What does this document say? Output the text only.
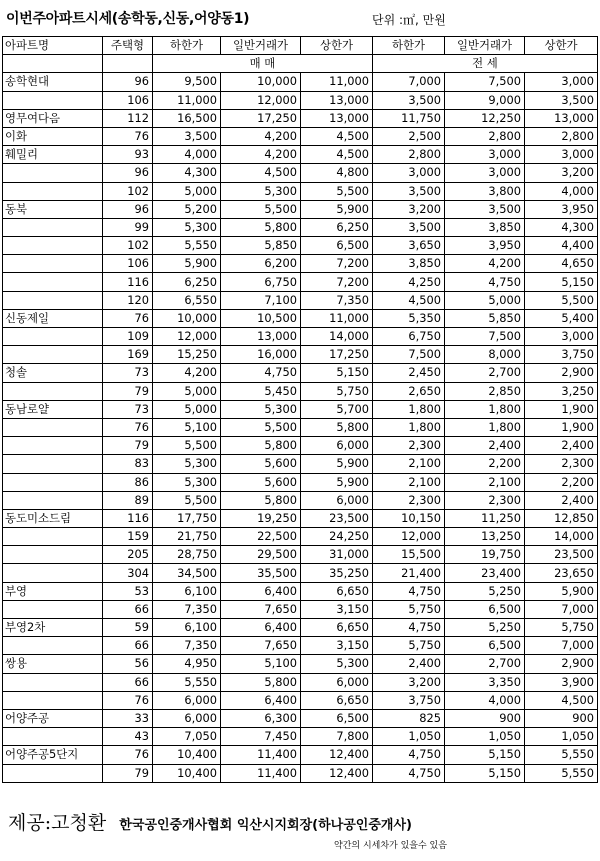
이번주아파트시세(송학동,신동,어양동1)	단위 :㎡, 만원
아파트명	주택형	하한가	일반거래가	상한가	하한가	일반거래가	상한가
		매 매			전 세		
송학현대	96	9,500	10,000	11,000	7,000	7,500	3,000
	106	11,000	12,000	13,000	3,500	9,000	3,500
영무여다음	112	16,500	17,250	13,000	11,750	12,250	13,000
이화	76	3,500	4,200	4,500	2,500	2,800	2,800
훼밀리	93	4,000	4,200	4,500	2,800	3,000	3,000
	96	4,300	4,500	4,800	3,000	3,000	3,200
	102	5,000	5,300	5,500	3,500	3,800	4,000
동북	96	5,200	5,500	5,900	3,200	3,500	3,950
	99	5,300	5,800	6,250	3,500	3,850	4,300
	102	5,550	5,850	6,500	3,650	3,950	4,400
	106	5,900	6,200	7,200	3,850	4,200	4,650
	116	6,250	6,750	7,200	4,250	4,750	5,150
	120	6,550	7,100	7,350	4,500	5,000	5,500
신동제일	76	10,000	10,500	11,000	5,350	5,850	5,400
	109	12,000	13,000	14,000	6,750	7,500	3,000
	169	15,250	16,000	17,250	7,500	8,000	3,750
청솔	73	4,200	4,750	5,150	2,450	2,700	2,900
	79	5,000	5,450	5,750	2,650	2,850	3,250
동남로얄	73	5,000	5,300	5,700	1,800	1,800	1,900
	76	5,100	5,500	5,800	1,800	1,800	1,900
	79	5,500	5,800	6,000	2,300	2,400	2,400
	83	5,300	5,600	5,900	2,100	2,200	2,300
	86	5,300	5,600	5,900	2,100	2,100	2,200
	89	5,500	5,800	6,000	2,300	2,300	2,400
동도미소드림	116	17,750	19,250	23,500	10,150	11,250	12,850
	159	21,750	22,500	24,250	12,000	13,250	14,000
	205	28,750	29,500	31,000	15,500	19,750	23,500
	304	34,500	35,500	35,250	21,400	23,400	23,650
부영	53	6,100	6,400	6,650	4,750	5,250	5,900
	66	7,350	7,650	3,150	5,750	6,500	7,000
부영2차	59	6,100	6,400	6,650	4,750	5,250	5,750
	66	7,350	7,650	3,150	5,750	6,500	7,000
쌍용	56	4,950	5,100	5,300	2,400	2,700	2,900
	66	5,550	5,800	6,000	3,200	3,350	3,900
	76	6,000	6,400	6,650	3,750	4,000	4,500
어양주공	33	6,000	6,300	6,500	825	900	900
	43	7,050	7,450	7,800	1,050	1,050	1,050
어양주공5단지	76	10,400	11,400	12,400	4,750	5,150	5,550
	79	10,400	11,400	12,400	4,750	5,150	5,550
제공:고청환 한국공인중개사협회 익산시지회장(하나공인중개사)
약간의 시세차가 있을수 있음
